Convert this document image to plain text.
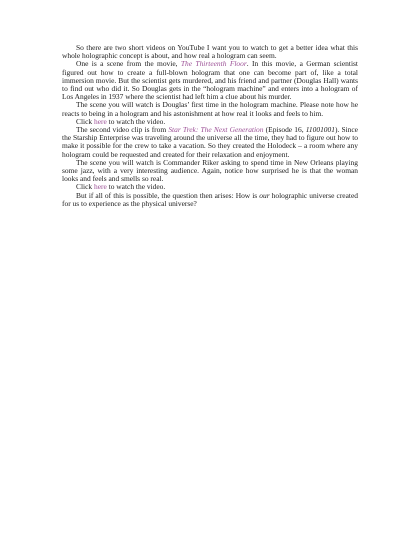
So there are two short videos on YouTube I want you to watch to get a better idea what this whole holographic concept is about, and how real a hologram can seem.

One is a scene from the movie, The Thirteenth Floor. In this movie, a German scientist figured out how to create a full-blown hologram that one can become part of, like a total immersion movie. But the scientist gets murdered, and his friend and partner (Douglas Hall) wants to find out who did it. So Douglas gets in the “hologram machine” and enters into a hologram of Los Angeles in 1937 where the scientist had left him a clue about his murder.

The scene you will watch is Douglas’ first time in the hologram machine. Please note how he reacts to being in a hologram and his astonishment at how real it looks and feels to him.

Click here to watch the video.

The second video clip is from Star Trek: The Next Generation (Episode 16, 11001001). Since the Starship Enterprise was traveling around the universe all the time, they had to figure out how to make it possible for the crew to take a vacation. So they created the Holodeck – a room where any hologram could be requested and created for their relaxation and enjoyment.

The scene you will watch is Commander Riker asking to spend time in New Orleans playing some jazz, with a very interesting audience. Again, notice how surprised he is that the woman looks and feels and smells so real.

Click here to watch the video.

But if all of this is possible, the question then arises: How is our holographic universe created for us to experience as the physical universe?
